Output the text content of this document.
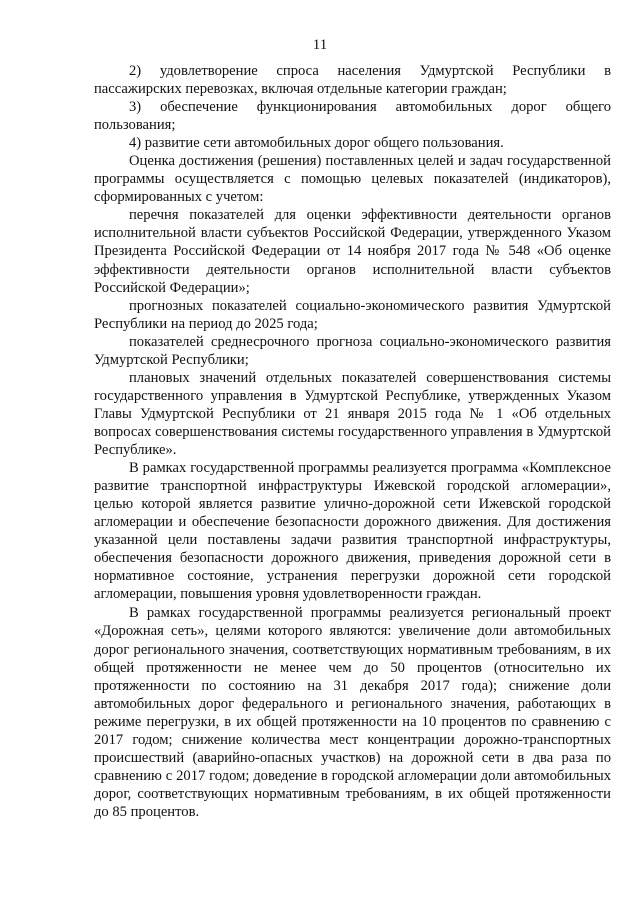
11

2) удовлетворение спроса населения Удмуртской Республики в пассажирских перевозках, включая отдельные категории граждан;

3) обеспечение функционирования автомобильных дорог общего пользования;

4) развитие сети автомобильных дорог общего пользования.

Оценка достижения (решения) поставленных целей и задач государственной программы осуществляется с помощью целевых показателей (индикаторов), сформированных с учетом:

перечня показателей для оценки эффективности деятельности органов исполнительной власти субъектов Российской Федерации, утвержденного Указом Президента Российской Федерации от 14 ноября 2017 года № 548 «Об оценке эффективности деятельности органов исполнительной власти субъектов Российской Федерации»;

прогнозных показателей социально-экономического развития Удмуртской Республики на период до 2025 года;

показателей среднесрочного прогноза социально-экономического развития Удмуртской Республики;

плановых значений отдельных показателей совершенствования системы государственного управления в Удмуртской Республике, утвержденных Указом Главы Удмуртской Республики от 21 января 2015 года № 1 «Об отдельных вопросах совершенствования системы государственного управления в Удмуртской Республике».

В рамках государственной программы реализуется программа «Комплексное развитие транспортной инфраструктуры Ижевской городской агломерации», целью которой является развитие улично-дорожной сети Ижевской городской агломерации и обеспечение безопасности дорожного движения. Для достижения указанной цели поставлены задачи развития транспортной инфраструктуры, обеспечения безопасности дорожного движения, приведения дорожной сети в нормативное состояние, устранения перегрузки дорожной сети городской агломерации, повышения уровня удовлетворенности граждан.

В рамках государственной программы реализуется региональный проект «Дорожная сеть», целями которого являются: увеличение доли автомобильных дорог регионального значения, соответствующих нормативным требованиям, в их общей протяженности не менее чем до 50 процентов (относительно их протяженности по состоянию на 31 декабря 2017 года); снижение доли автомобильных дорог федерального и регионального значения, работающих в режиме перегрузки, в их общей протяженности на 10 процентов по сравнению с 2017 годом; снижение количества мест концентрации дорожно-транспортных происшествий (аварийно-опасных участков) на дорожной сети в два раза по сравнению с 2017 годом; доведение в городской агломерации доли автомобильных дорог, соответствующих нормативным требованиям, в их общей протяженности до 85 процентов.
